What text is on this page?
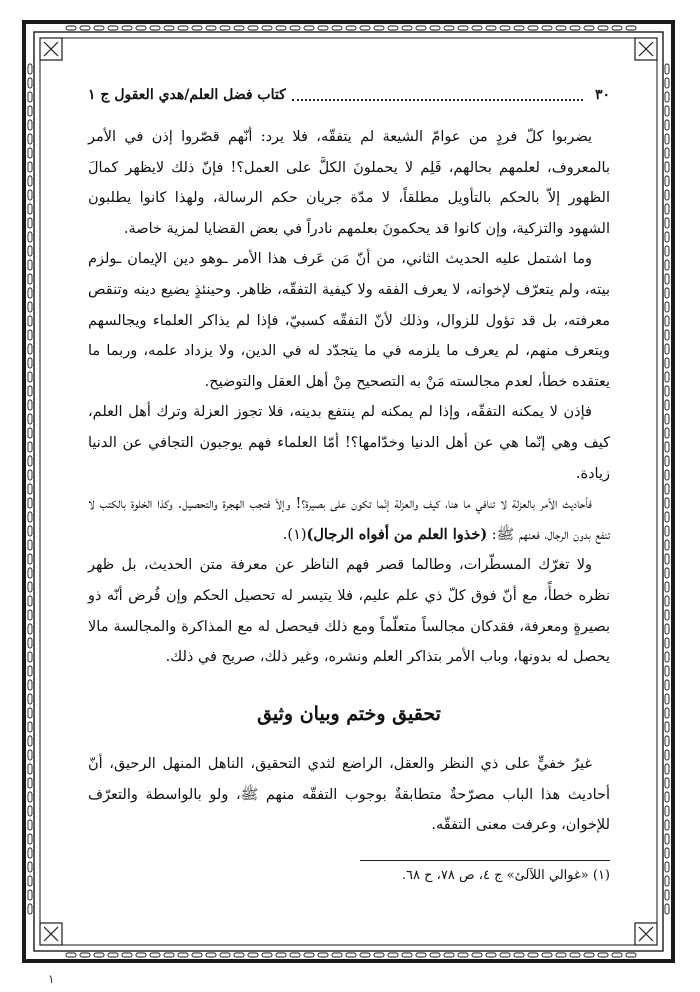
٣٠
كتاب فضل العلم/هدي العقول ج ١

يضربوا كلّ فردٍ من عوامّ الشيعة لم يتفقّه، فلا يرد: أنّهم قصّروا إذن في الأمر بالمعروف، لعلمهم بحالهم، فَلِم لا يحملونَ الكلَّ على العمل؟! فإنّ ذلك لايظهر كمالَ الظهور إلاّ بالحكم بالتأويل مطلقاً، لا مدّة جريان حكم الرسالة، ولهذا كانوا يطلبون الشهود والتزكية، وإن كانوا قد يحكمونَ بعلمهم نادراً في بعض القضايا لمزية خاصة.

وما اشتمل عليه الحديث الثاني، من أنّ مَن عَرف هذا الأمر ـوهو دين الإيمان ـولزم بيته، ولم يتعرّف لإخوانه، لا يعرف الفقه ولا كيفية التفقّه، ظاهر. وحينئذٍ يضيع دينه وتنقص معرفته، بل قد تؤول للزوال، وذلك لأنّ التفقّه كسبيّ، فإذا لم يذاكر العلماء ويجالسهم ويتعرف منهم، لم يعرف ما يلزمه في ما يتجدّد له في الدين، ولا يزداد علمه، وربما ما يعتقده خطأ، لعدم مجالسته مَنْ به التصحيح مِنْ أهل العقل والتوضيح.

فإذن لا يمكنه التفقّه، وإذا لم يمكنه لم ينتفع بدينه، فلا تجوز العزلة وترك أهل العلم، كيف وهي إنّما هي عن أهل الدنيا وخدّامها؟! أمّا العلماء فهم يوجبون التجافي عن الدنيا زيادة.

فأحاديث الأمر بالعزلة لا تنافي ما هنا، كيف والعزلة إنّما تكون على بصيرة؟! وإلاّ فتجب الهجرة والتحصيل. وكذا الخلوة بالكتب لا تنفع بدون الرجال، فعنهم ﷺ: (خذوا العلم من أفواه الرجال)(١).

ولا تغرّك المسطّرات، وطالما قصر فهم الناظر عن معرفة متن الحديث، بل ظهر نظره خطأً، مع أنّ فوق كلّ ذي علم عليم، فلا يتيسر له تحصيل الحكم وإن فُرض أنّه ذو بصيرةٍ ومعرفة، فقدكان مجالساً متعلّماً ومع ذلك فيحصل له مع المذاكرة والمجالسة مالا يحصل له بدونها، وباب الأمر بتذاكر العلم ونشره، وغير ذلك، صريح في ذلك.

تحقيق وختم وبيان وثيق

غيرُ خفيٍّ على ذي النظر والعقل، الراضع لثدي التحقيق، الناهل المنهل الرحيق، أنّ أحاديث هذا الباب مصرّحةٌ متطابقةٌ بوجوب التفقّه منهم ﷺ، ولو بالواسطة والتعرّف للإخوان، وعرفت معنى التفقّه.

(١) «غوالي اللآلئ» ج ٤، ص ٧٨، ح ٦٨.
١
